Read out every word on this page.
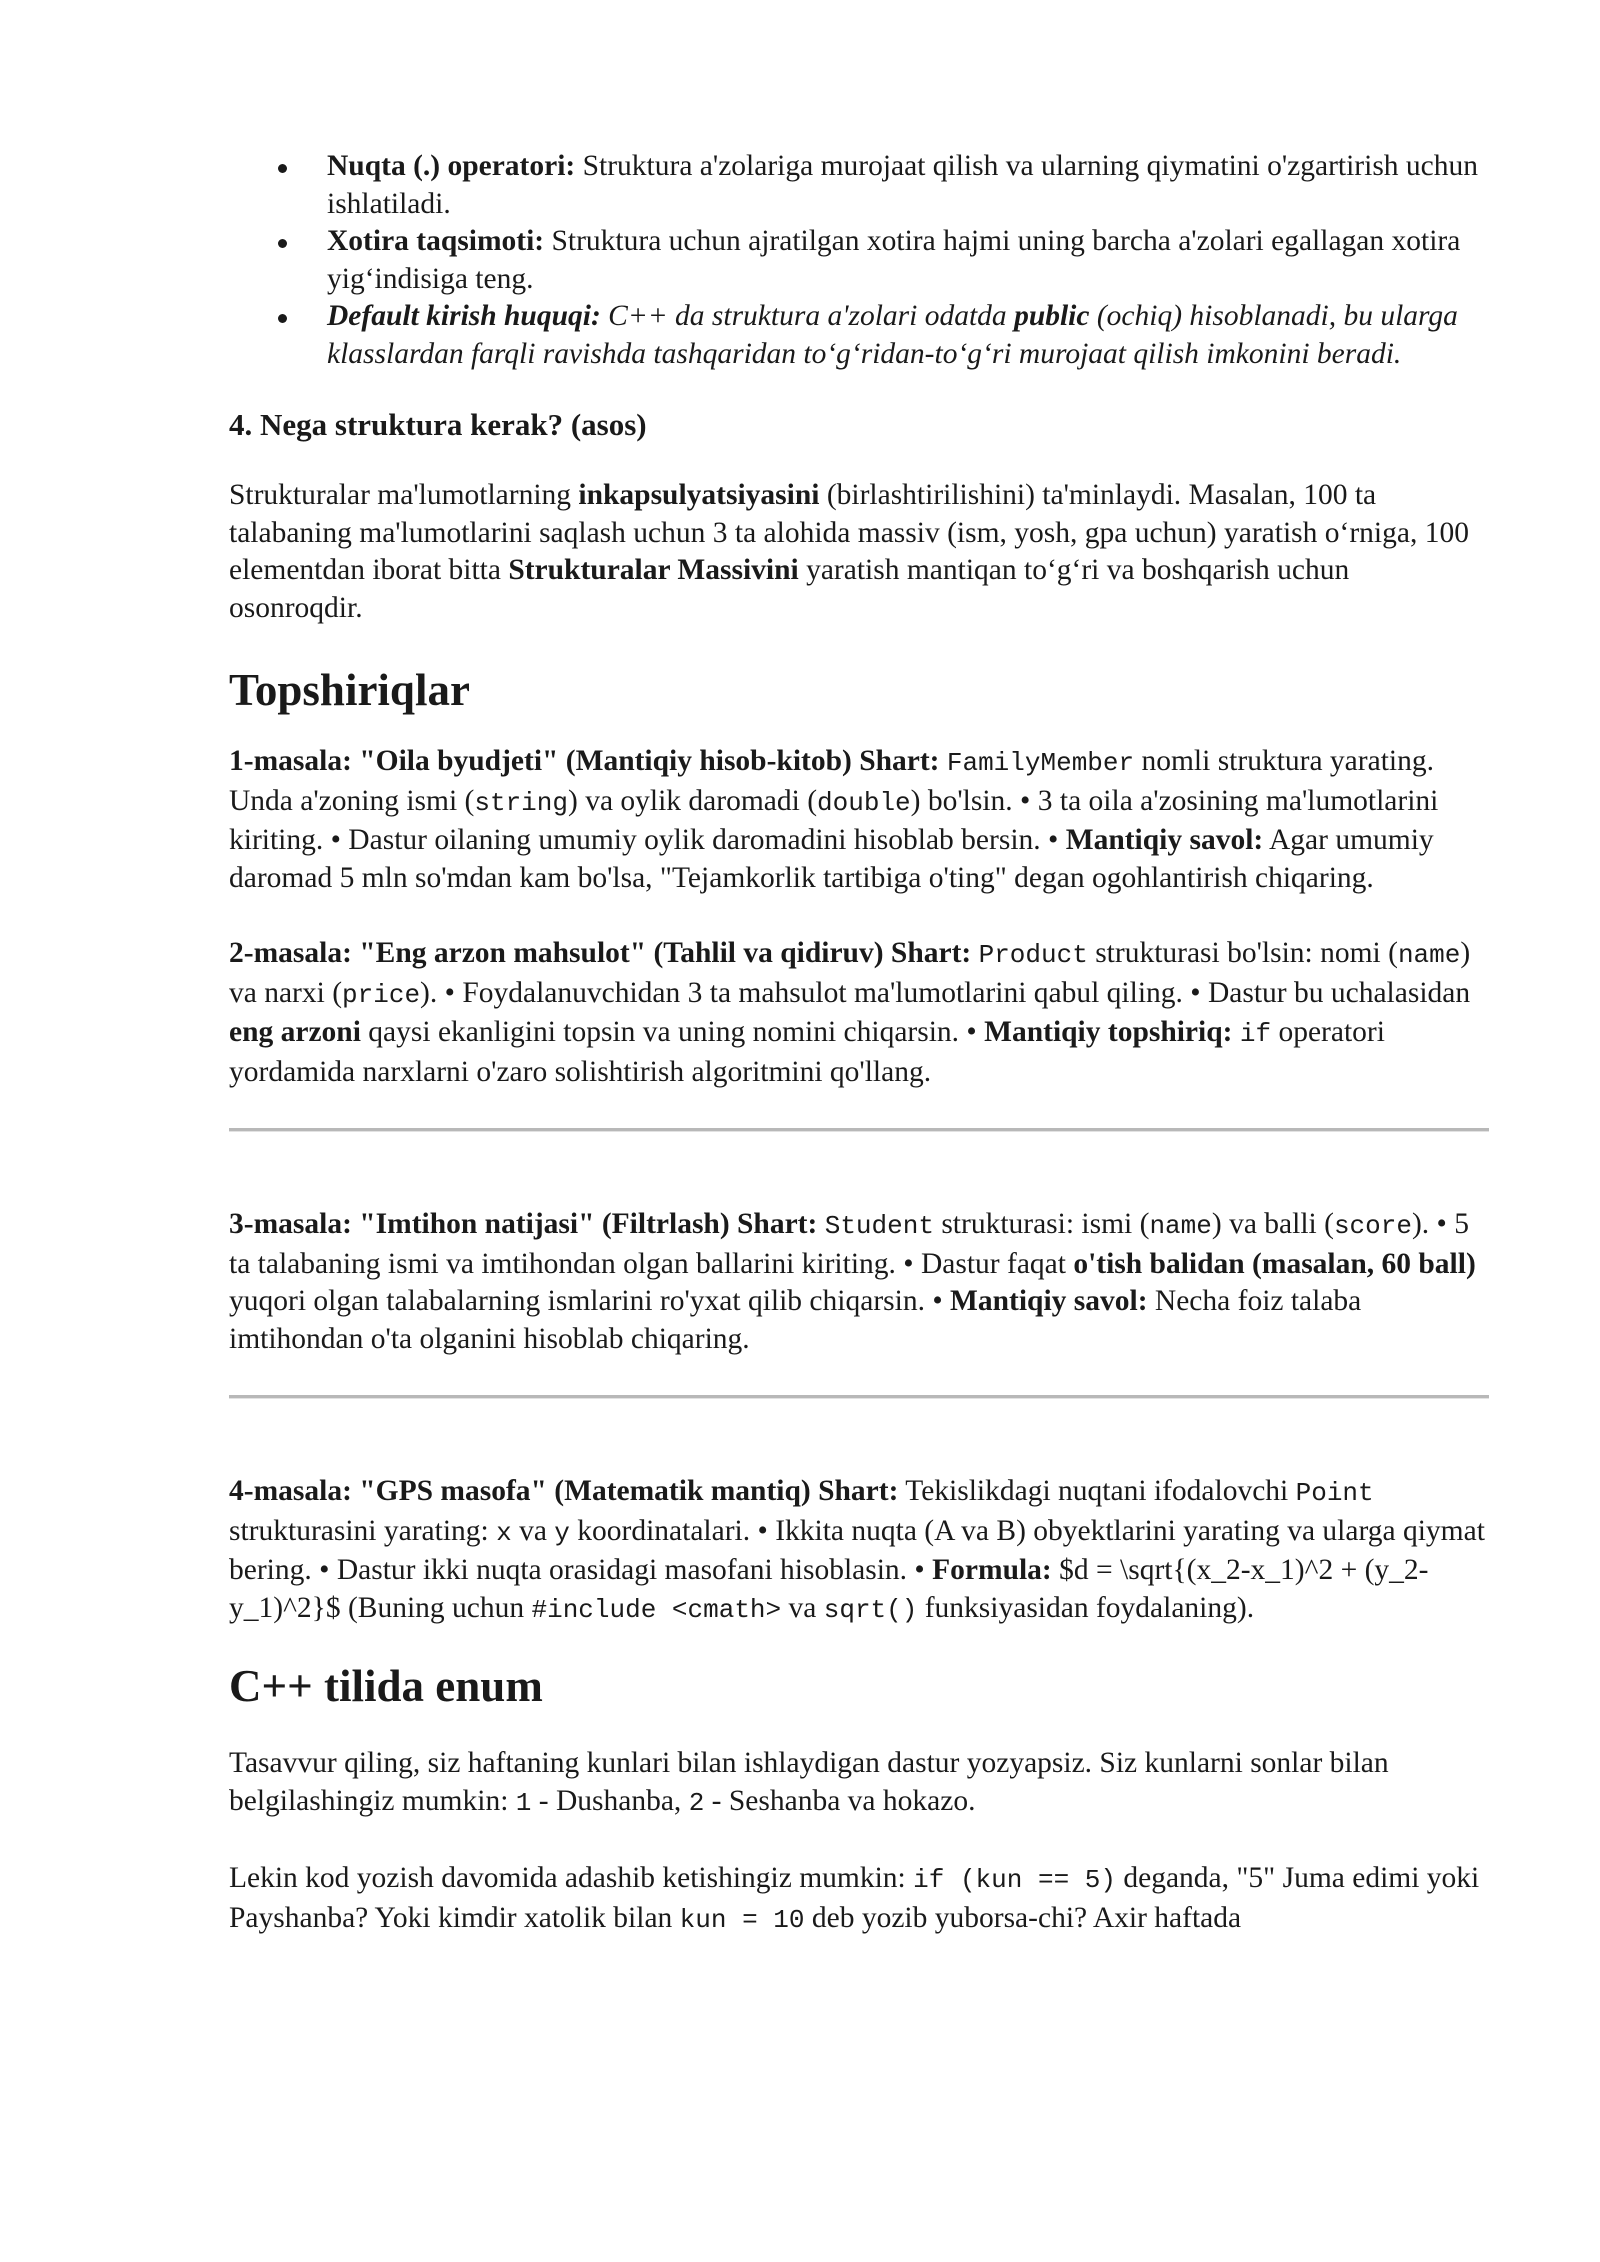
Nuqta (.) operatori: Struktura a'zolariga murojaat qilish va ularning qiymatini o'zgartirish uchun ishlatiladi.
Xotira taqsimoti: Struktura uchun ajratilgan xotira hajmi uning barcha a'zolari egallagan xotira yig‘indisiga teng.
Default kirish huquqi: C++ da struktura a'zolari odatda public (ochiq) hisoblanadi, bu ularga klasslardan farqli ravishda tashqaridan to‘g‘ridan-to‘g‘ri murojaat qilish imkonini beradi.
4. Nega struktura kerak? (asos)

Strukturalar ma'lumotlarning inkapsulyatsiyasini (birlashtirilishini) ta'minlaydi. Masalan, 100 ta talabaning ma'lumotlarini saqlash uchun 3 ta alohida massiv (ism, yosh, gpa uchun) yaratish o‘rniga, 100 elementdan iborat bitta Strukturalar Massivini yaratish mantiqan to‘g‘ri va boshqarish uchun osonroqdir.

Topshiriqlar

1-masala: "Oila byudjeti" (Mantiqiy hisob-kitob) Shart: FamilyMember nomli struktura yarating. Unda a'zoning ismi (string) va oylik daromadi (double) bo'lsin. • 3 ta oila a'zosining ma'lumotlarini kiriting. • Dastur oilaning umumiy oylik daromadini hisoblab bersin. • Mantiqiy savol: Agar umumiy daromad 5 mln so'mdan kam bo'lsa, "Tejamkorlik tartibiga o'ting" degan ogohlantirish chiqaring.

2-masala: "Eng arzon mahsulot" (Tahlil va qidiruv) Shart: Product strukturasi bo'lsin: nomi (name) va narxi (price). • Foydalanuvchidan 3 ta mahsulot ma'lumotlarini qabul qiling. • Dastur bu uchalasidan eng arzoni qaysi ekanligini topsin va uning nomini chiqarsin. • Mantiqiy topshiriq: if operatori yordamida narxlarni o'zaro solishtirish algoritmini qo'llang.

3-masala: "Imtihon natijasi" (Filtrlash) Shart: Student strukturasi: ismi (name) va balli (score). • 5 ta talabaning ismi va imtihondan olgan ballarini kiriting. • Dastur faqat o'tish balidan (masalan, 60 ball) yuqori olgan talabalarning ismlarini ro'yxat qilib chiqarsin. • Mantiqiy savol: Necha foiz talaba imtihondan o'ta olganini hisoblab chiqaring.

4-masala: "GPS masofa" (Matematik mantiq) Shart: Tekislikdagi nuqtani ifodalovchi Point strukturasini yarating: x va y koordinatalari. • Ikkita nuqta (A va B) obyektlarini yarating va ularga qiymat bering. • Dastur ikki nuqta orasidagi masofani hisoblasin. • Formula: $d = \sqrt{(x_2-x_1)^2 + (y_2-y_1)^2}$ (Buning uchun #include <cmath> va sqrt() funksiyasidan foydalaning).

C++ tilida enum

Tasavvur qiling, siz haftaning kunlari bilan ishlaydigan dastur yozyapsiz. Siz kunlarni sonlar bilan belgilashingiz mumkin: 1 - Dushanba, 2 - Seshanba va hokazo.

Lekin kod yozish davomida adashib ketishingiz mumkin: if (kun == 5) deganda, "5" Juma edimi yoki Payshanba? Yoki kimdir xatolik bilan kun = 10 deb yozib yuborsa-chi? Axir haftada
